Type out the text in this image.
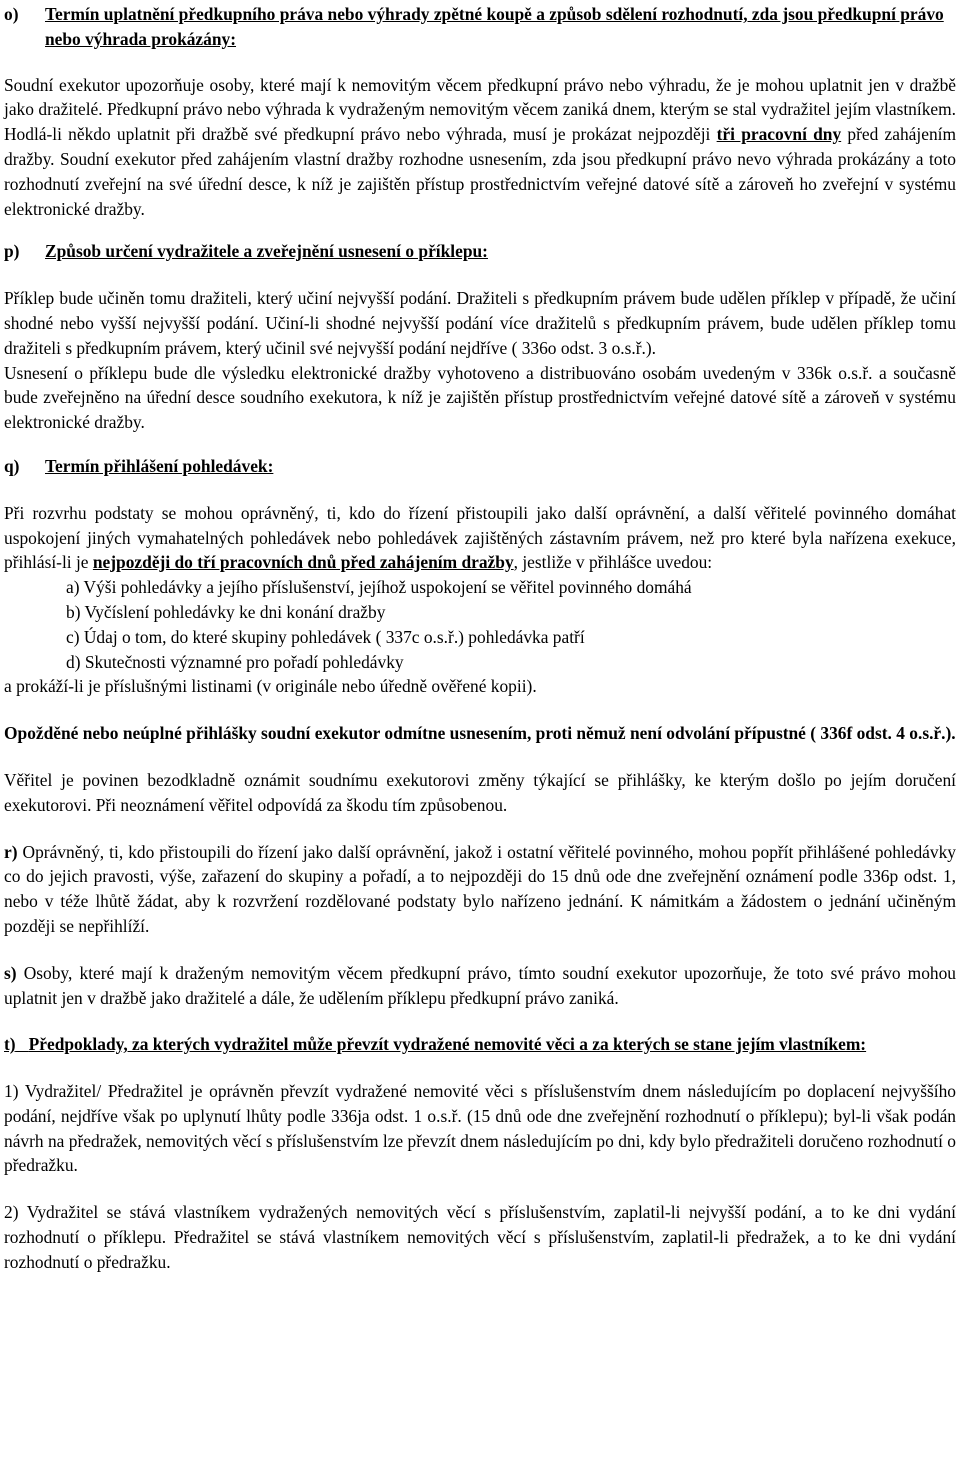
o)	Termín uplatnění předkupního práva nebo výhrady zpětné koupě a způsob sdělení rozhodnutí, zda jsou předkupní právo nebo výhrada prokázány:

Soudní exekutor upozorňuje osoby, které mají k nemovitým věcem předkupní právo nebo výhradu, že je mohou uplatnit jen v dražbě jako dražitelé. Předkupní právo nebo výhrada k vydraženým nemovitým věcem zaniká dnem, kterým se stal vydražitel jejím vlastníkem. Hodlá-li někdo uplatnit při dražbě své předkupní právo nebo výhrada, musí je prokázat nejpozději tři pracovní dny před zahájením dražby. Soudní exekutor před zahájením vlastní dražby rozhodne usnesením, zda jsou předkupní právo nevo výhrada prokázány a toto rozhodnutí zveřejní na své úřední desce, k níž je zajištěn přístup prostřednictvím veřejné datové sítě a zároveň ho zveřejní v systému elektronické dražby.

p)	Způsob určení vydražitele a zveřejnění usnesení o příklepu:

Příklep bude učiněn tomu dražiteli, který učiní nejvyšší podání. Dražiteli s předkupním právem bude udělen příklep v případě, že učiní shodné nebo vyšší nejvyšší podání. Učiní-li shodné nejvyšší podání více dražitelů s předkupním právem, bude udělen příklep tomu dražiteli s předkupním právem, který učinil své nejvyšší podání nejdříve ( 336o odst. 3 o.s.ř.).

Usnesení o příklepu bude dle výsledku elektronické dražby vyhotoveno a distribuováno osobám uvedeným v 336k o.s.ř. a současně bude zveřejněno na úřední desce soudního exekutora, k níž je zajištěn přístup prostřednictvím veřejné datové sítě a zároveň v systému elektronické dražby.

q)	Termín přihlášení pohledávek:

Při rozvrhu podstaty se mohou oprávněný, ti, kdo do řízení přistoupili jako další oprávnění, a další věřitelé povinného domáhat uspokojení jiných vymahatelných pohledávek nebo pohledávek zajištěných zástavním právem, než pro které byla nařízena exekuce, přihlásí-li je nejpozději do tří pracovních dnů před zahájením dražby, jestliže v přihlášce uvedou:

a) Výši pohledávky a jejího příslušenství, jejíhož uspokojení se věřitel povinného domáhá

b) Vyčíslení pohledávky ke dni konání dražby

c) Údaj o tom, do které skupiny pohledávek ( 337c o.s.ř.) pohledávka patří

d) Skutečnosti významné pro pořadí pohledávky

a prokáží-li je příslušnými listinami (v originále nebo úředně ověřené kopii).

Opožděné nebo neúplné přihlášky soudní exekutor odmítne usnesením, proti němuž není odvolání přípustné ( 336f odst. 4 o.s.ř.).

Věřitel je povinen bezodkladně oznámit soudnímu exekutorovi změny týkající se přihlášky, ke kterým došlo po jejím doručení exekutorovi. Při neoznámení věřitel odpovídá za škodu tím způsobenou.

r) Oprávněný, ti, kdo přistoupili do řízení jako další oprávnění, jakož i ostatní věřitelé povinného, mohou popřít přihlášené pohledávky co do jejich pravosti, výše, zařazení do skupiny a pořadí, a to nejpozději do 15 dnů ode dne zveřejnění oznámení podle 336p odst. 1, nebo v téže lhůtě žádat, aby k rozvržení rozdělované podstaty bylo nařízeno jednání. K námitkám a žádostem o jednání učiněným později se nepřihlíží.

s) Osoby, které mají k draženým nemovitým věcem předkupní právo, tímto soudní exekutor upozorňuje, že toto své právo mohou uplatnit jen v dražbě jako dražitelé a dále, že udělením příklepu předkupní právo zaniká.

t) Předpoklady, za kterých vydražitel může převzít vydražené nemovité věci a za kterých se stane jejím vlastníkem:

1) Vydražitel/ Předražitel je oprávněn převzít vydražené nemovité věci s příslušenstvím dnem následujícím po doplacení nejvyššího podání, nejdříve však po uplynutí lhůty podle 336ja odst. 1 o.s.ř. (15 dnů ode dne zveřejnění rozhodnutí o příklepu); byl-li však podán návrh na předražek, nemovitých věcí s příslušenstvím lze převzít dnem následujícím po dni, kdy bylo předražiteli doručeno rozhodnutí o předražku.

2) Vydražitel se stává vlastníkem vydražených nemovitých věcí s příslušenstvím, zaplatil-li nejvyšší podání, a to ke dni vydání rozhodnutí o příklepu. Předražitel se stává vlastníkem nemovitých věcí s příslušenstvím, zaplatil-li předražek, a to ke dni vydání rozhodnutí o předražku.
